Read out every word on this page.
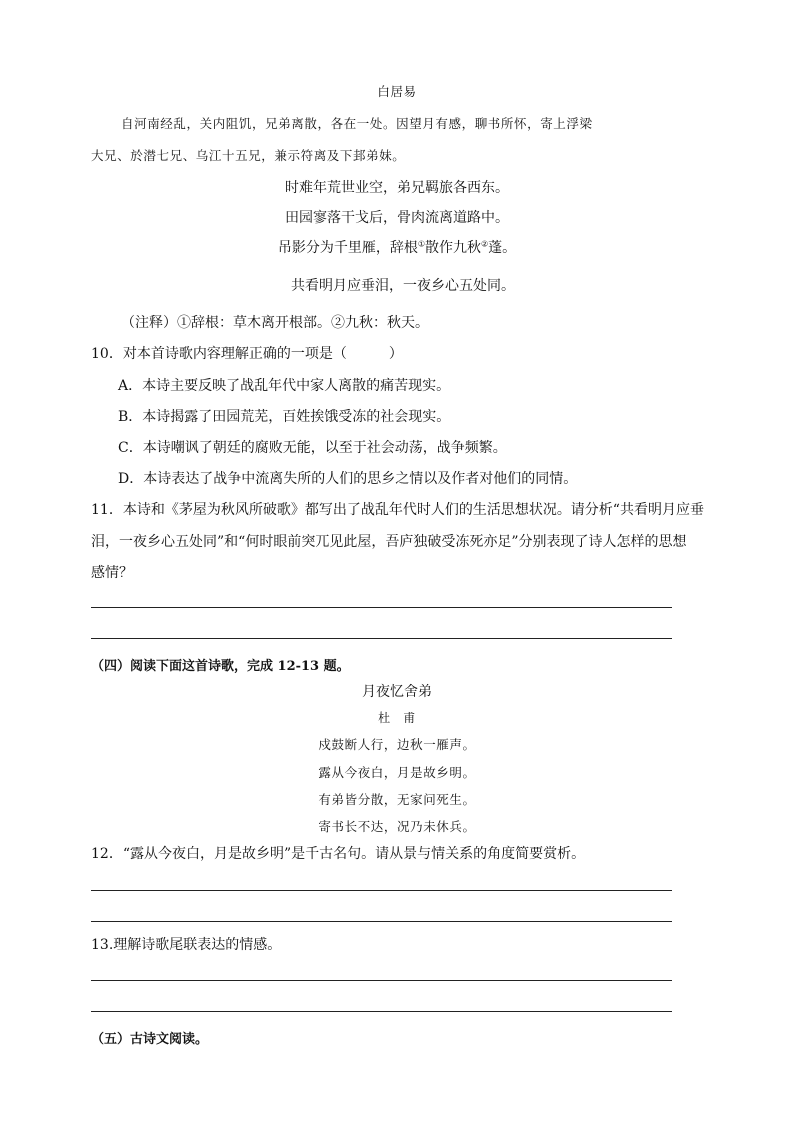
白居易
自河南经乱，关内阻饥，兄弟离散，各在一处。因望月有感，聊书所怀，寄上浮梁
大兄、於潜七兄、乌江十五兄，兼示符离及下邽弟妹。
时难年荒世业空，弟兄羁旅各西东。
田园寥落干戈后，骨肉流离道路中。
吊影分为千里雁，辞根①散作九秋②蓬。
共看明月应垂泪，一夜乡心五处同。
（注释）①辞根：草木离开根部。②九秋：秋天。
10．对本首诗歌内容理解正确的一项是（　　　）
A．本诗主要反映了战乱年代中家人离散的痛苦现实。
B．本诗揭露了田园荒芜，百姓挨饿受冻的社会现实。
C．本诗嘲讽了朝廷的腐败无能，以至于社会动荡，战争频繁。
D．本诗表达了战争中流离失所的人们的思乡之情以及作者对他们的同情。
11．本诗和《茅屋为秋风所破歌》都写出了战乱年代时人们的生活思想状况。请分析“共看明月应垂
泪，一夜乡心五处同”和“何时眼前突兀见此屋，吾庐独破受冻死亦足”分别表现了诗人怎样的思想
感情？
（四）阅读下面这首诗歌，完成 12-13 题。
月夜忆舍弟
杜　甫
戍鼓断人行，边秋一雁声。
露从今夜白，月是故乡明。
有弟皆分散，无家问死生。
寄书长不达，况乃未休兵。
12．“露从今夜白，月是故乡明”是千古名句。请从景与情关系的角度简要赏析。
13.理解诗歌尾联表达的情感。
（五）古诗文阅读。
